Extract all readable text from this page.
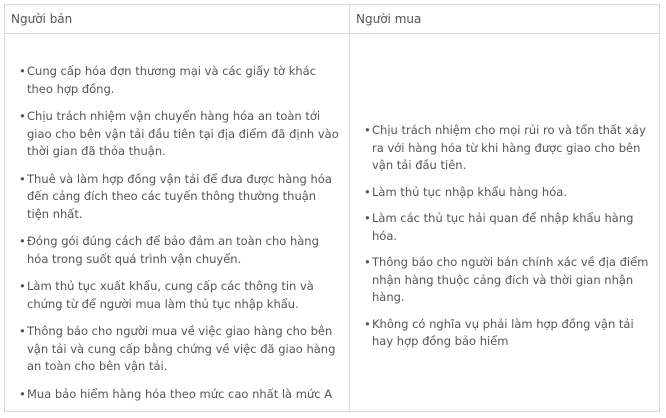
Người bán	Người mua
• Cung cấp hóa đơn thương mại và các giấy tờ khác theo hợp đồng.
• Chịu trách nhiệm vận chuyển hàng hóa an toàn tới giao cho bên vận tải đầu tiên tại địa điểm đã định vào thời gian đã thỏa thuận.
• Thuê và làm hợp đồng vận tải để đưa được hàng hóa đến cảng đích theo các tuyến thông thường thuận tiện nhất.
• Đóng gói đúng cách để bảo đảm an toàn cho hàng hóa trong suốt quá trình vận chuyển.
• Làm thủ tục xuất khẩu, cung cấp các thông tin và chứng từ để người mua làm thủ tục nhập khẩu.
• Thông báo cho người mua về việc giao hàng cho bên vận tải và cung cấp bằng chứng về việc đã giao hàng an toàn cho bên vận tải.
• Mua bảo hiểm hàng hóa theo mức cao nhất là mức A
• Chịu trách nhiệm cho mọi rủi ro và tổn thất xảy ra với hàng hóa từ khi hàng được giao cho bên vận tải đầu tiên.
• Làm thủ tục nhập khẩu hàng hóa.
• Làm các thủ tục hải quan để nhập khẩu hàng hóa.
• Thông báo cho người bán chính xác về địa điểm nhận hàng thuộc cảng đích và thời gian nhận hàng.
• Không có nghĩa vụ phải làm hợp đồng vận tải hay hợp đồng bảo hiểm
